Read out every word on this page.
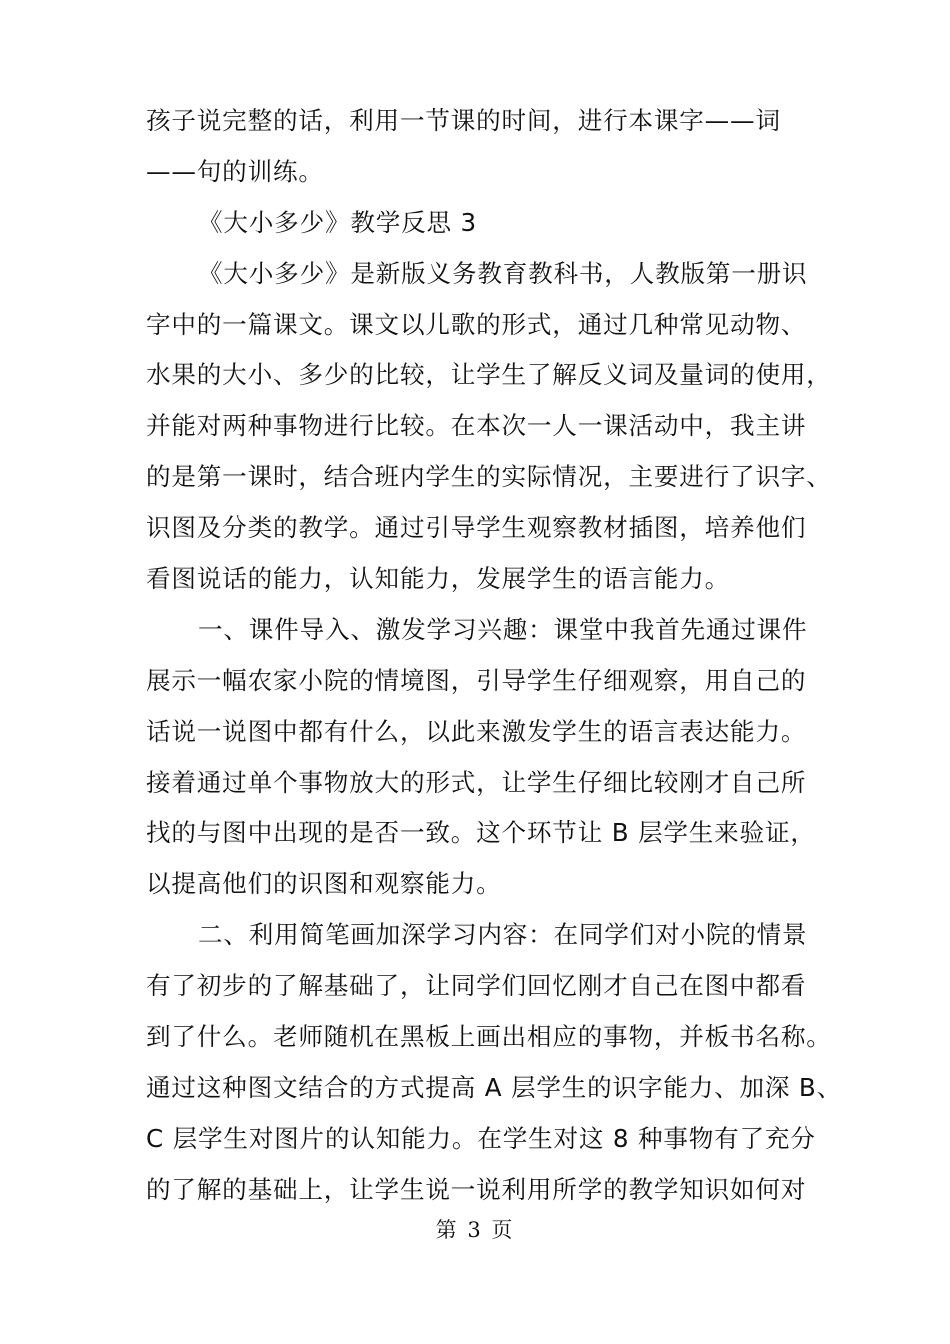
孩子说完整的话，利用一节课的时间，进行本课字——词
——句的训练。
《大小多少》教学反思 3
《大小多少》是新版义务教育教科书，人教版第一册识
字中的一篇课文。课文以儿歌的形式，通过几种常见动物、
水果的大小、多少的比较，让学生了解反义词及量词的使用，
并能对两种事物进行比较。在本次一人一课活动中，我主讲
的是第一课时，结合班内学生的实际情况，主要进行了识字、
识图及分类的教学。通过引导学生观察教材插图，培养他们
看图说话的能力，认知能力，发展学生的语言能力。
一、课件导入、激发学习兴趣：课堂中我首先通过课件
展示一幅农家小院的情境图，引导学生仔细观察，用自己的
话说一说图中都有什么，以此来激发学生的语言表达能力。
接着通过单个事物放大的形式，让学生仔细比较刚才自己所
找的与图中出现的是否一致。这个环节让 B 层学生来验证，
以提高他们的识图和观察能力。
二、利用简笔画加深学习内容：在同学们对小院的情景
有了初步的了解基础了，让同学们回忆刚才自己在图中都看
到了什么。老师随机在黑板上画出相应的事物，并板书名称。
通过这种图文结合的方式提高 A 层学生的识字能力、加深 B、
C 层学生对图片的认知能力。在学生对这 8 种事物有了充分
的了解的基础上，让学生说一说利用所学的教学知识如何对
第 3 页
